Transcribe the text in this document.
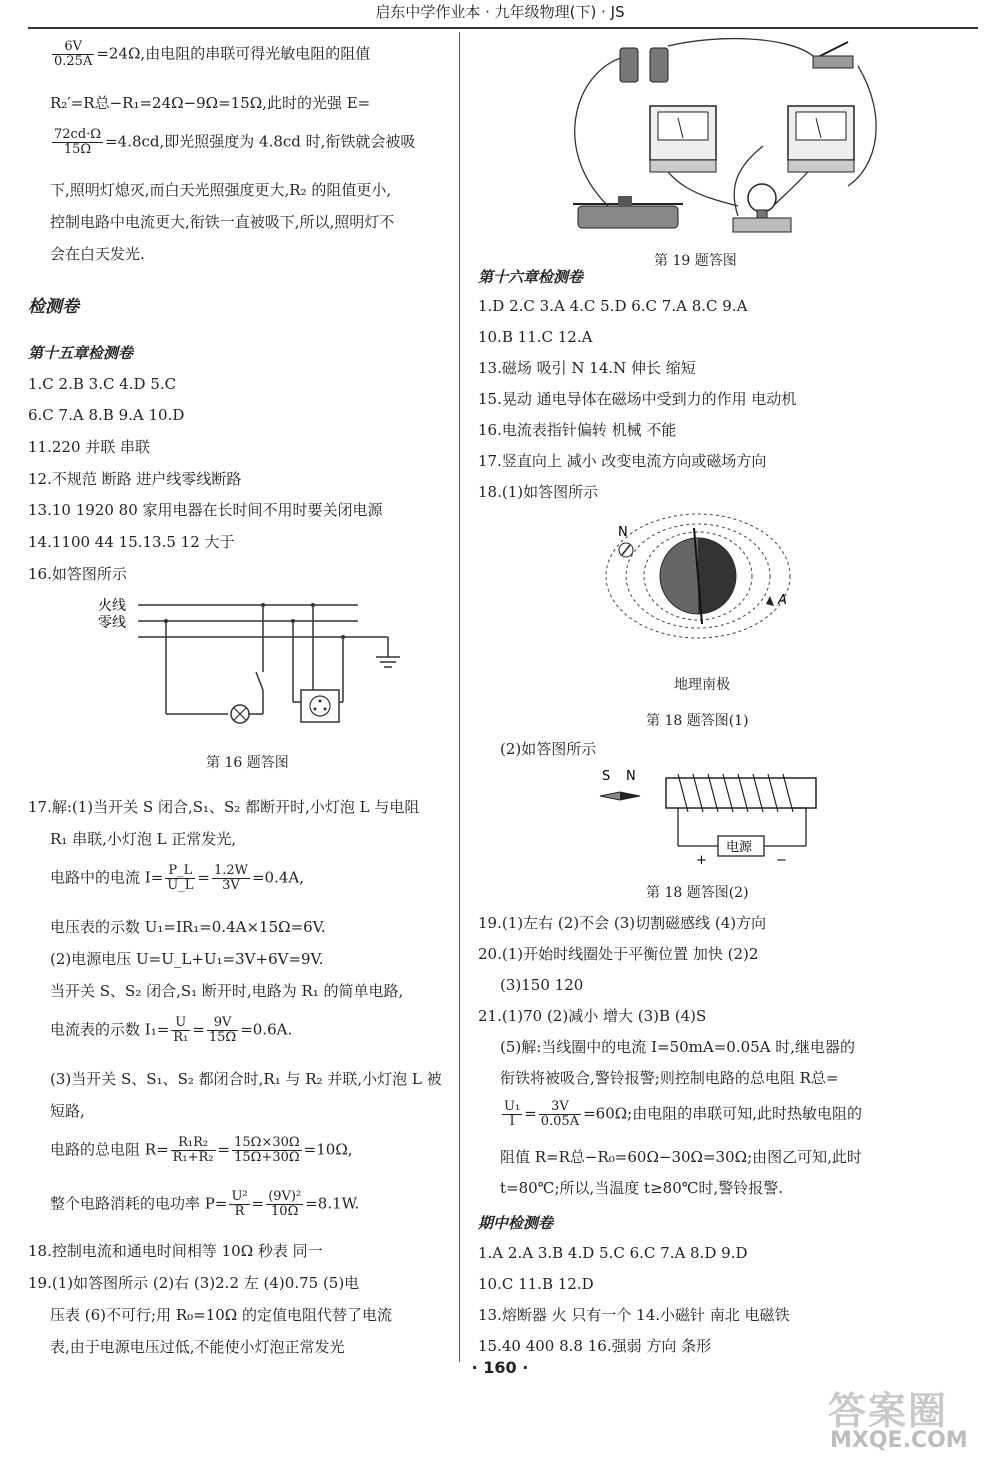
启东中学作业本 · 九年级物理(下) · JS
$\frac{6V}{0.25A} =24\Omega$,由电阻的串联可得光敏电阻的阻值
R₂′=R总−R₁=24Ω−9Ω=15Ω,此时的光强 E=
$\frac{72cd\cdot\Omega}{15\Omega} =4.8cd$,即光照强度为 4.8cd 时,衔铁就会被吸
下,照明灯熄灭,而白天光照强度更大,R₂ 的阻值更小,
控制电路中电流更大,衔铁一直被吸下,所以,照明灯不
会在白天发光.
检测卷
第十五章检测卷
1.C 2.B 3.C 4.D 5.C
6.C 7.A 8.B 9.A 10.D
11.220 并联 串联
12.不规范 断路 进户线零线断路
13.10 1920 80 家用电器在长时间不用时要关闭电源
14.1100 44 15.13.5 12 大于
16.如答图所示
火线
零线
第 16 题答图
17.解:(1)当开关 S 闭合,S₁、S₂ 都断开时,小灯泡 L 与电阻
R₁ 串联,小灯泡 L 正常发光,
电路中的电流 $I= \frac{P\_L}{U\_L} = \frac{1.2W}{3V} =0.4A$,
电压表的示数 U₁=IR₁=0.4A×15Ω=6V.
(2)电源电压 U=U_L+U₁=3V+6V=9V.
当开关 S、S₂ 闭合,S₁ 断开时,电路为 R₁ 的简单电路,
电流表的示数 $I_1= \frac{U}{\text{R₁}} = \frac{9V}{15\Omega} =0.6A$.
(3)当开关 S、S₁、S₂ 都闭合时,R₁ 与 R₂ 并联,小灯泡 L 被
短路,
电路的总电阻 $R= \frac{\text{R₁R₂}}{\text{R₁+R₂}} = \frac{15\Omega\times 30\Omega}{15\Omega+30\Omega} =10\Omega$,
整个电路消耗的电功率 $P= \frac{\text{U²}}{R} = \frac{\text{(9V)²}}{10\Omega} =8.1W$.
18.控制电流和通电时间相等 10Ω 秒表 同一
19.(1)如答图所示 (2)右 (3)2.2 左 (4)0.75 (5)电
压表 (6)不可行;用 R₀=10Ω 的定值电阻代替了电流
表,由于电源电压过低,不能使小灯泡正常发光
第 19 题答图
第十六章检测卷
1.D 2.C 3.A 4.C 5.D 6.C 7.A 8.C 9.A
10.B 11.C 12.A
13.磁场 吸引 N 14.N 伸长 缩短
15.晃动 通电导体在磁场中受到力的作用 电动机
16.电流表指针偏转 机械 不能
17.竖直向上 减小 改变电流方向或磁场方向
18.(1)如答图所示
N
A
地理南极
第 18 题答图(1)
(2)如答图所示
S N
电源
+	−
第 18 题答图(2)
19.(1)左右 (2)不会 (3)切割磁感线 (4)方向
20.(1)开始时线圈处于平衡位置 加快 (2)2
(3)150 120
21.(1)70 (2)减小 增大 (3)B (4)S
(5)解:当线圈中的电流 I=50mA=0.05A 时,继电器的
衔铁将被吸合,警铃报警;则控制电路的总电阻 R总=
$\frac{\text{U₁}}{I} = \frac{3V}{0.05A} =60\Omega$;由电阻的串联可知,此时热敏电阻的
阻值 R=R总−R₀=60Ω−30Ω=30Ω;由图乙可知,此时
t=80℃;所以,当温度 t≥80℃时,警铃报警.
期中检测卷
1.A 2.A 3.B 4.D 5.C 6.C 7.A 8.D 9.D
10.C 11.B 12.D
13.熔断器 火 只有一个 14.小磁针 南北 电磁铁
15.40 400 8.8 16.强弱 方向 条形
· 160 ·
答案圈
MXQE.COM
